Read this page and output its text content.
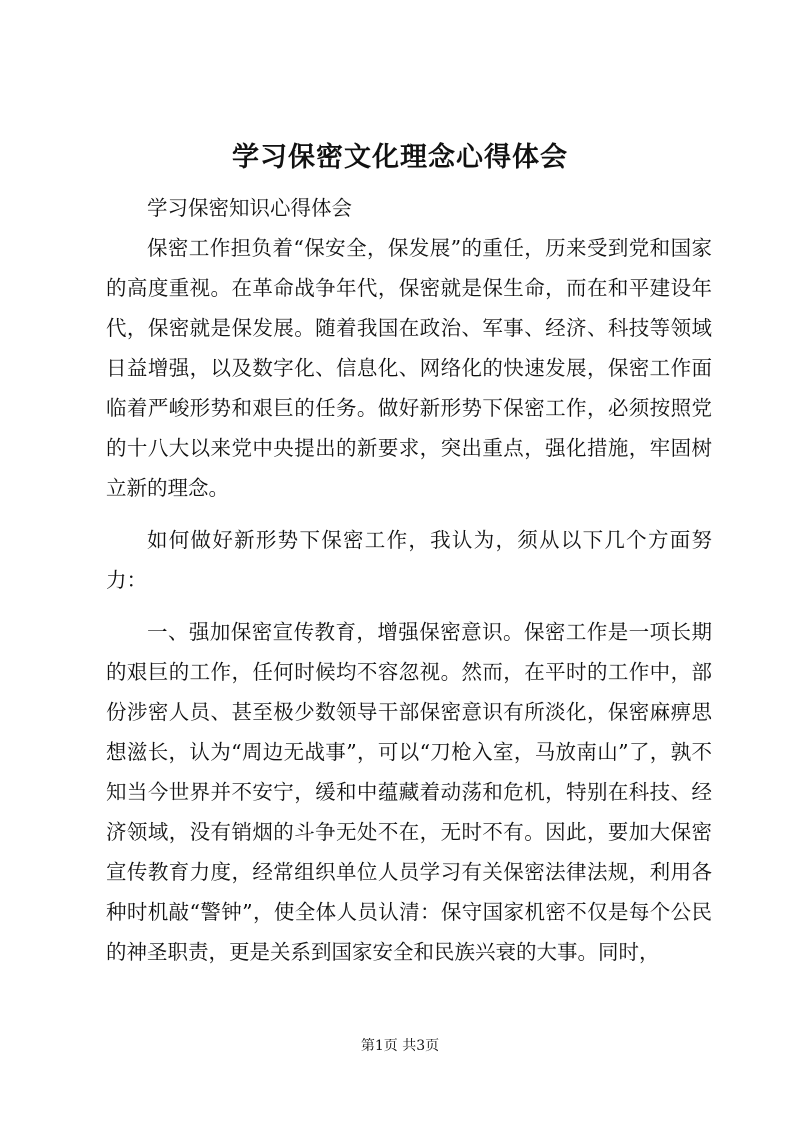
学习保密文化理念心得体会

学习保密知识心得体会

保密工作担负着“保安全，保发展”的重任，历来受到党和国家的高度重视。在革命战争年代，保密就是保生命，而在和平建设年代，保密就是保发展。随着我国在政治、军事、经济、科技等领域日益增强，以及数字化、信息化、网络化的快速发展，保密工作面临着严峻形势和艰巨的任务。做好新形势下保密工作，必须按照党的十八大以来党中央提出的新要求，突出重点，强化措施，牢固树立新的理念。

如何做好新形势下保密工作，我认为，须从以下几个方面努力：

一、强加保密宣传教育，增强保密意识。保密工作是一项长期的艰巨的工作，任何时候均不容忽视。然而，在平时的工作中，部份涉密人员、甚至极少数领导干部保密意识有所淡化，保密麻痹思想滋长，认为“周边无战事”，可以“刀枪入室，马放南山”了，孰不知当今世界并不安宁，缓和中蕴藏着动荡和危机，特别在科技、经济领域，没有销烟的斗争无处不在，无时不有。因此，要加大保密宣传教育力度，经常组织单位人员学习有关保密法律法规，利用各种时机敲“警钟”，使全体人员认清：保守国家机密不仅是每个公民的神圣职责，更是关系到国家安全和民族兴衰的大事。同时，

第1页 共3页
